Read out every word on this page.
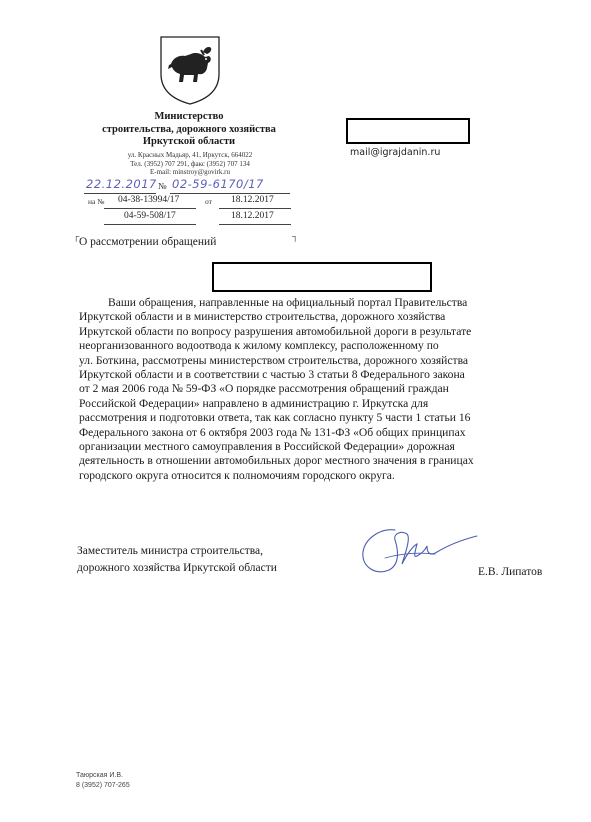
Министерство
строительства, дорожного хозяйства
Иркутской области
ул. Красных Мадьяр, 41, Иркутск, 664022
Тел. (3952) 707 291, факс (3952) 707 134
E-mail: minstroy@govirk.ru
22.12.2017 № 02-59-6170/17
на № 04-38-13994/17	от 18.12.2017
04-59-508/17	18.12.2017
mail@igrajdanin.ru
┌ О рассмотрении обращений	┐
Ваши обращения, направленные на официальный портал Правительства
Иркутской области и в министерство строительства, дорожного хозяйства
Иркутской области по вопросу разрушения автомобильной дороги в результате
неорганизованного водоотвода к жилому комплексу, расположенному по
ул. Боткина, рассмотрены министерством строительства, дорожного хозяйства
Иркутской области и в соответствии с частью 3 статьи 8 Федерального закона
от 2 мая 2006 года № 59-ФЗ «О порядке рассмотрения обращений граждан
Российской Федерации» направлено в администрацию г. Иркутска для
рассмотрения и подготовки ответа, так как согласно пункту 5 части 1 статьи 16
Федерального закона от 6 октября 2003 года № 131-ФЗ «Об общих принципах
организации местного самоуправления в Российской Федерации» дорожная
деятельность в отношении автомобильных дорог местного значения в границах
городского округа относится к полномочиям городского округа.
Заместитель министра строительства,
дорожного хозяйства Иркутской области	Е.В. Липатов
Таюрская И.В.
8 (3952) 707-265
